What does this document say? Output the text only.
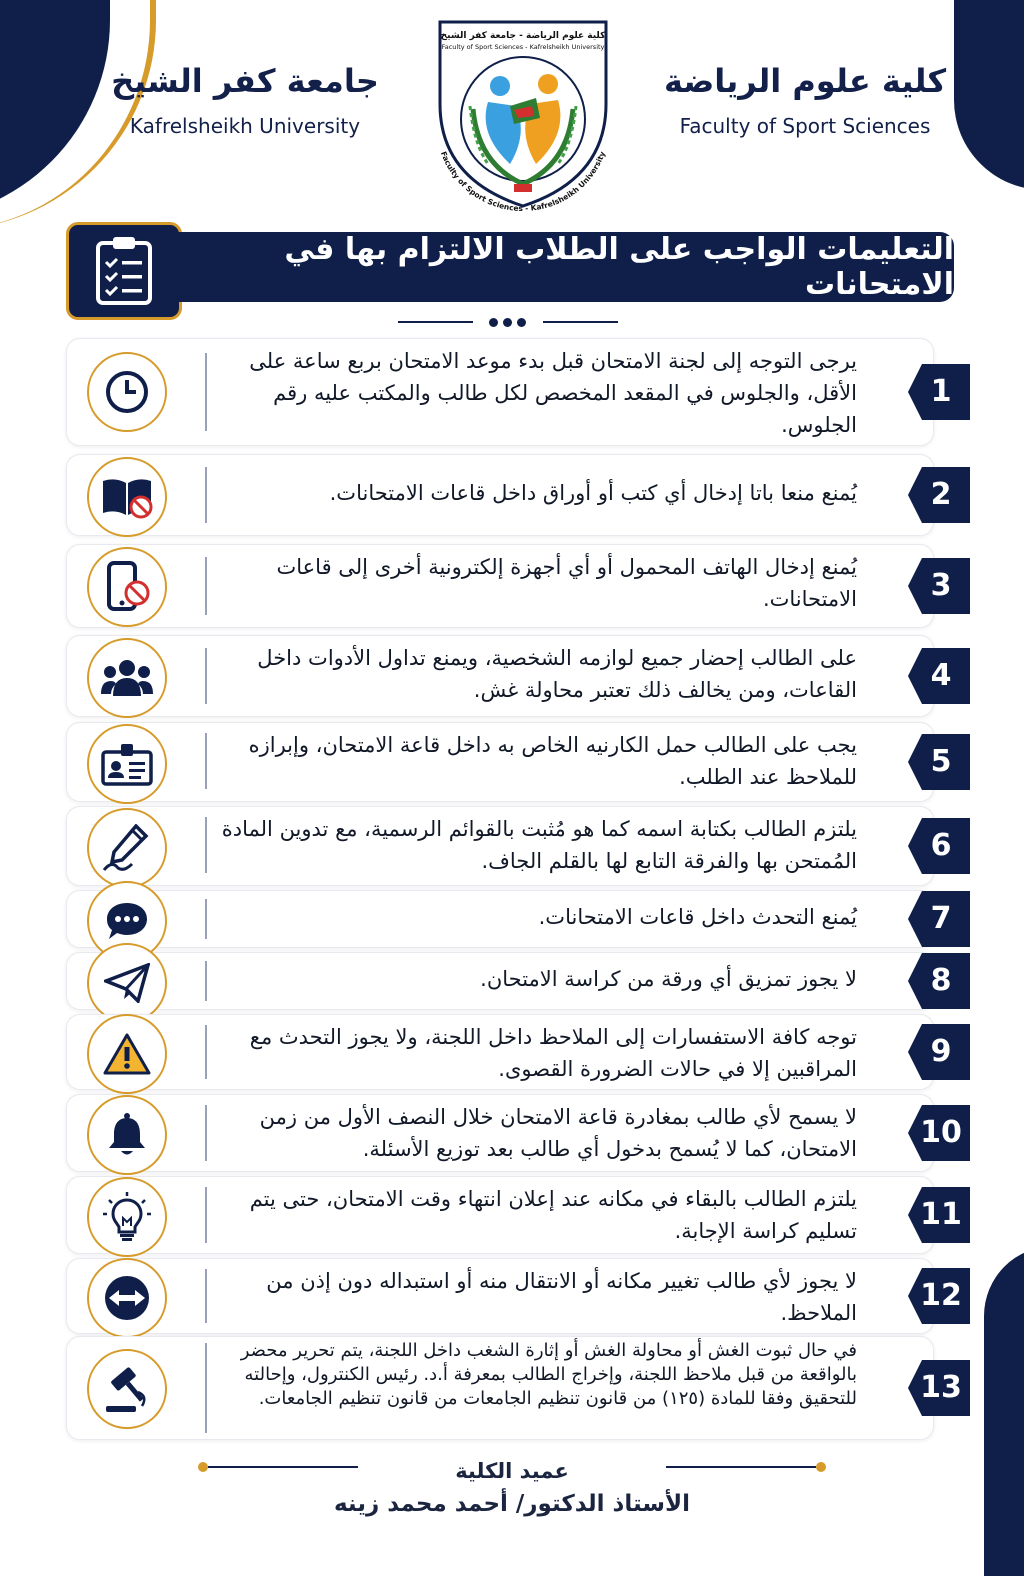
جامعة كفر الشيخ
Kafrelsheikh University
كلية علوم الرياضة - جامعة كفر الشيخ
Faculty of Sport Sciences - Kafrelsheikh University
Faculty of Sport Sciences - Kafrelsheikh University
كلية علوم الرياضة
Faculty of Sport Sciences
التعليمات الواجب على الطلاب الالتزام بها في الامتحانات
يرجى التوجه إلى لجنة الامتحان قبل بدء موعد الامتحان بربع ساعة على الأقل، والجلوس في المقعد المخصص لكل طالب والمكتب عليه رقم الجلوس.
1
يُمنع منعا باتا إدخال أي كتب أو أوراق داخل قاعات الامتحانات.	2
يُمنع إدخال الهاتف المحمول أو أي أجهزة إلكترونية أخرى إلى قاعات الامتحانات.	3
على الطالب إحضار جميع لوازمه الشخصية، ويمنع تداول الأدوات داخل القاعات، ومن يخالف ذلك تعتبر محاولة غش.	4
يجب على الطالب حمل الكارنيه الخاص به داخل قاعة الامتحان، وإبرازه للملاحظ عند الطلب.	5
يلتزم الطالب بكتابة اسمه كما هو مُثبت بالقوائم الرسمية، مع تدوين المادة المُمتحن بها والفرقة التابع لها بالقلم الجاف.	6
يُمنع التحدث داخل قاعات الامتحانات.	7
لا يجوز تمزيق أي ورقة من كراسة الامتحان.	8
توجه كافة الاستفسارات إلى الملاحظ داخل اللجنة، ولا يجوز التحدث مع المراقبين إلا في حالات الضرورة القصوى.	9
لا يسمح لأي طالب بمغادرة قاعة الامتحان خلال النصف الأول من زمن الامتحان، كما لا يُسمح بدخول أي طالب بعد توزيع الأسئلة. 10
يلتزم الطالب بالبقاء في مكانه عند إعلان انتهاء وقت الامتحان، حتى يتم تسليم كراسة الإجابة. 11
لا يجوز لأي طالب تغيير مكانه أو الانتقال منه أو استبداله دون إذن من الملاحظ. 12
في حال ثبوت الغش أو محاولة الغش أو إثارة الشغب داخل اللجنة، يتم تحرير محضر بالواقعة من قبل ملاحظ اللجنة، وإخراج الطالب بمعرفة أ.د. رئيس الكنترول، وإحالته للتحقيق وفقا للمادة (١٢٥) من قانون تنظيم الجامعات من قانون تنظيم الجامعات. 13
عميد الكلية
الأستاذ الدكتور/ أحمد محمد زينه
